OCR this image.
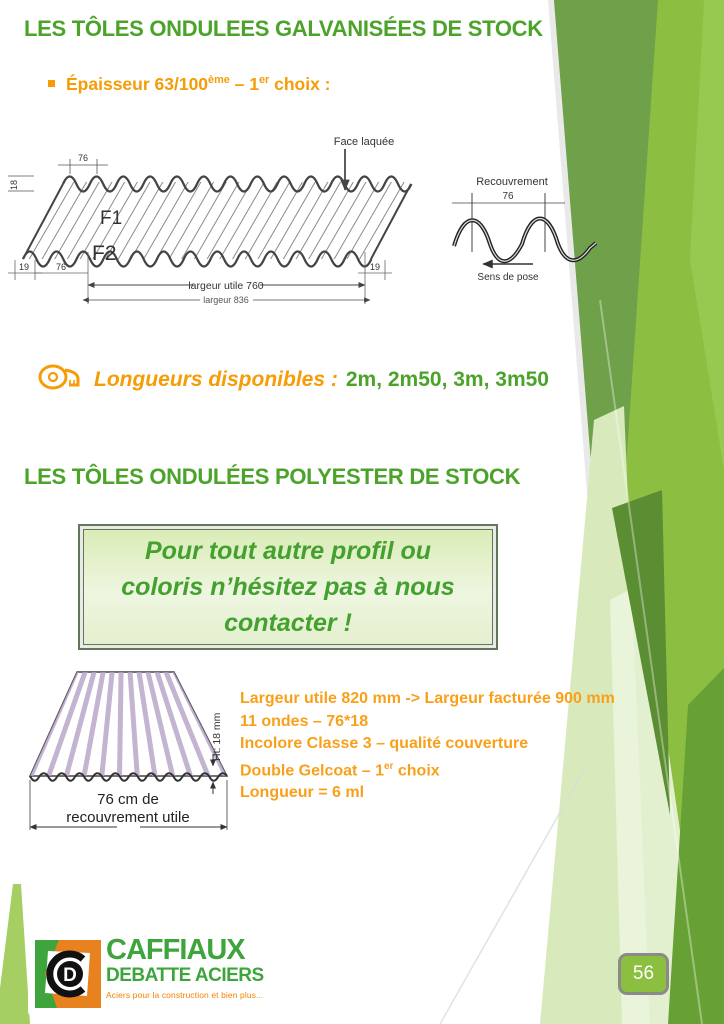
LES TÔLES ONDULEES GALVANISÉES DE STOCK
Épaisseur 63/100ème – 1er choix :
Face laquée
18
76
F1
F2
19	76
largeur utile 760
largeur 836
19
Recouvrement
76
Sens de pose
Longueurs disponibles : 2m, 2m50, 3m, 3m50
LES TÔLES ONDULÉES POLYESTER DE STOCK
Pour tout autre profil ou
coloris n’hésitez pas à nous
contacter !
Ht: 18 mm
76 cm de
recouvrement utile
Largeur utile 820 mm -> Largeur facturée 900 mm
11 ondes – 76*18
Incolore Classe 3 – qualité couverture
Double Gelcoat – 1er choix
Longueur = 6 ml
D
CAFFIAUX
DEBATTE ACIERS
Aciers pour la construction et bien plus...
56
